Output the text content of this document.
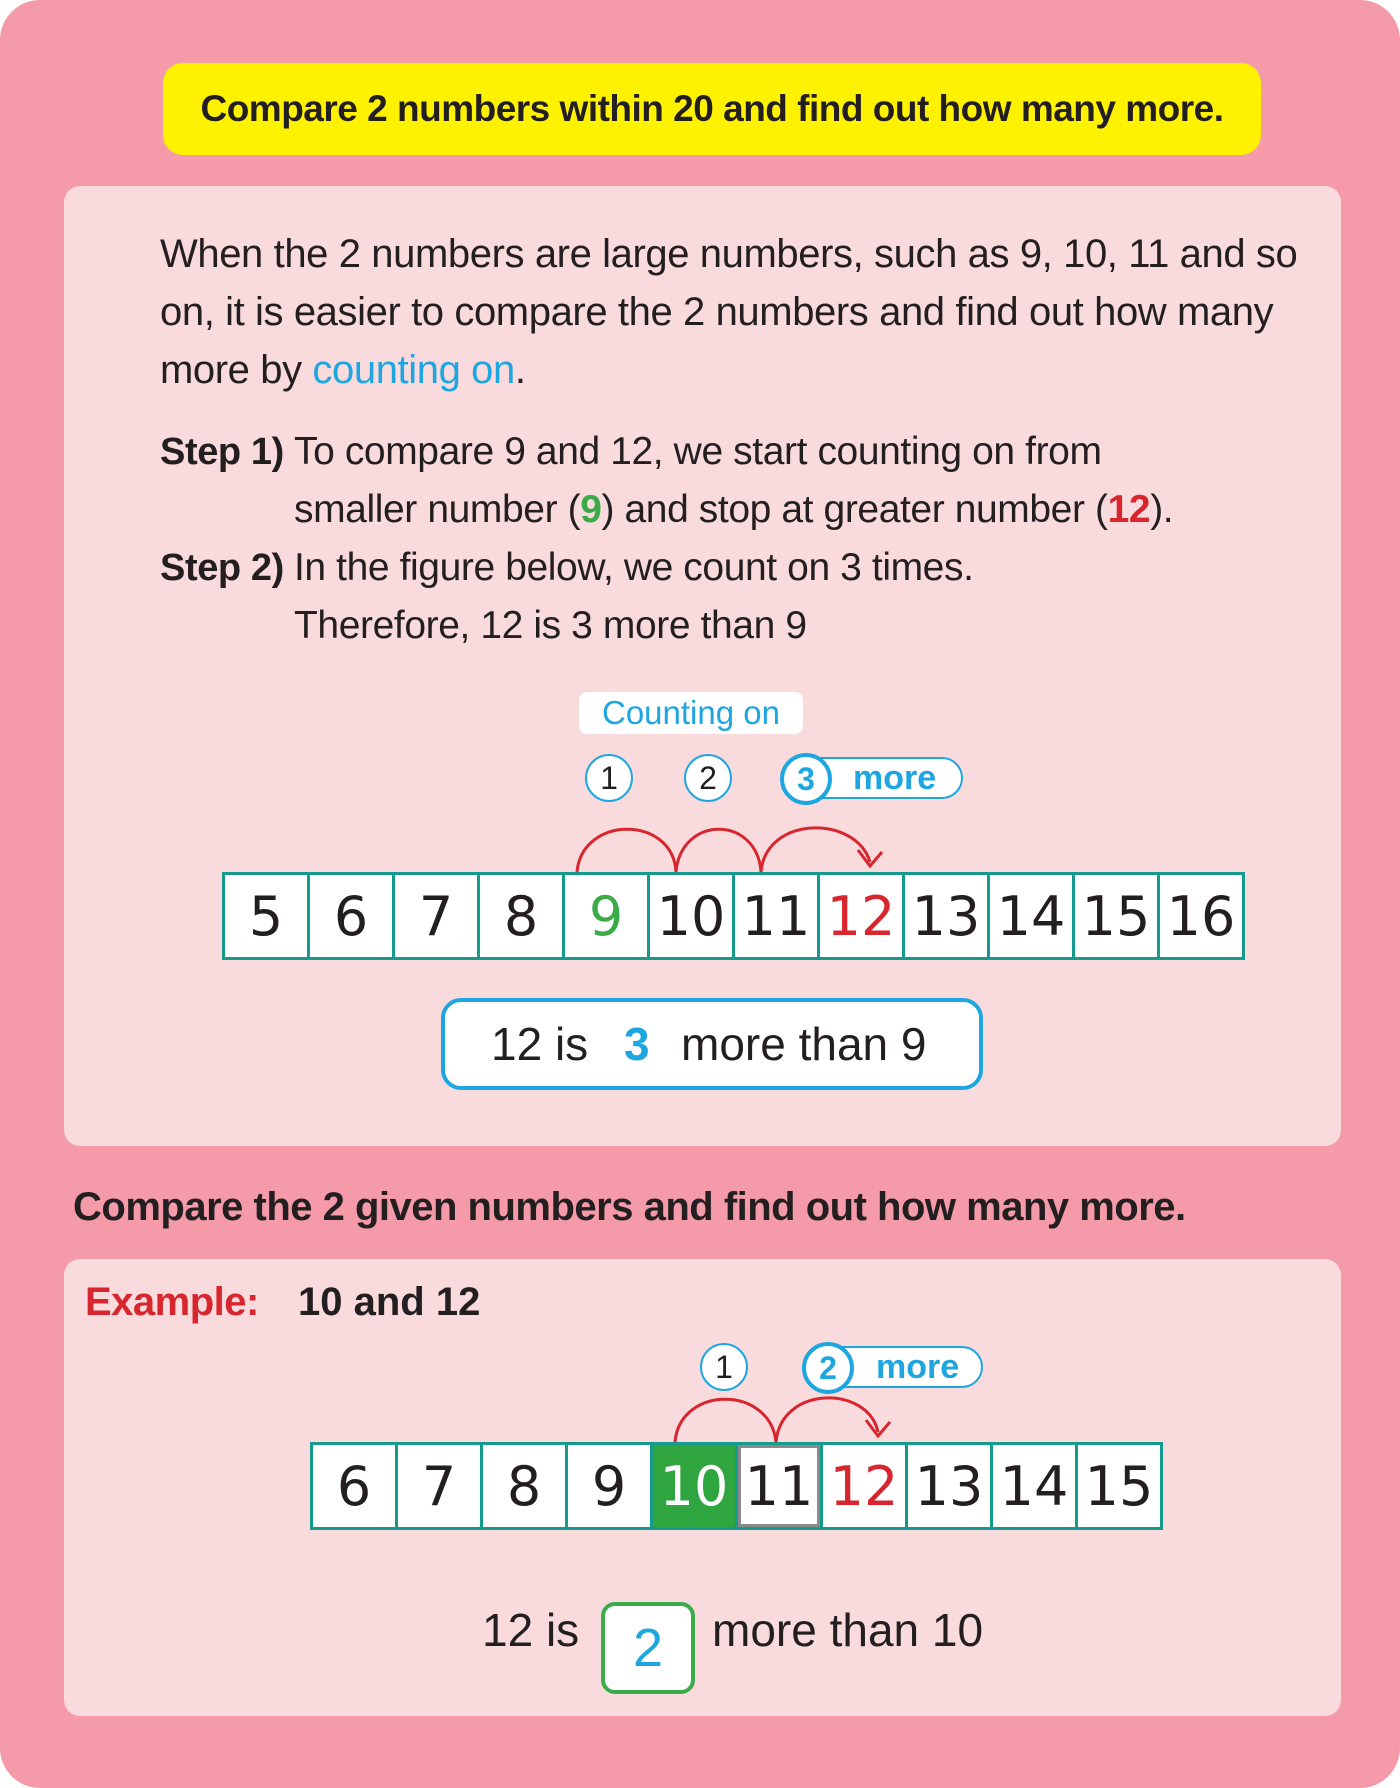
Compare 2 numbers within 20 and find out how many more.
When the 2 numbers are large numbers, such as 9, 10, 11 and so on, it is easier to compare the 2 numbers and find out how many more by counting on.
Step 1) To compare 9 and 12, we start counting on from
smaller number (9) and stop at greater number (12).
Step 2) In the figure below, we count on 3 times.
Therefore, 12 is 3 more than 9
Counting on
1	2	3	more
5 6 7 8 9 10 11 12 13 14 15 16
12 is 3 more than 9
Compare the 2 given numbers and find out how many more.
Example: 10 and 12
1	2	more
6 7 8 9 10 11 12 13 14 15
12 is 2	more than 10
